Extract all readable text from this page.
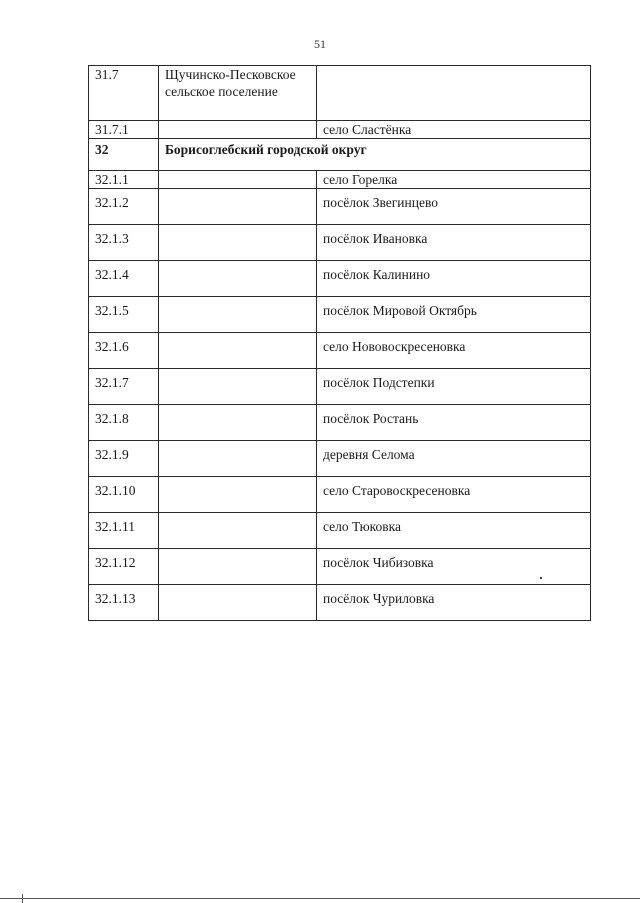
51
31.7	Щучинско-Песковское сельское поселение	
31.7.1		село Сластёнка
32	Борисоглебский городской округ	
32.1.1		село Горелка
32.1.2		посёлок Звегинцево
32.1.3		посёлок Ивановка
32.1.4		посёлок Калинино
32.1.5		посёлок Мировой Октябрь
32.1.6		село Нововоскресеновка
32.1.7		посёлок Подстепки
32.1.8		посёлок Ростань
32.1.9		деревня Селома
32.1.10		село Старовоскресеновка
32.1.11		село Тюковка
32.1.12		посёлок Чибизовка
32.1.13		посёлок Чуриловка
